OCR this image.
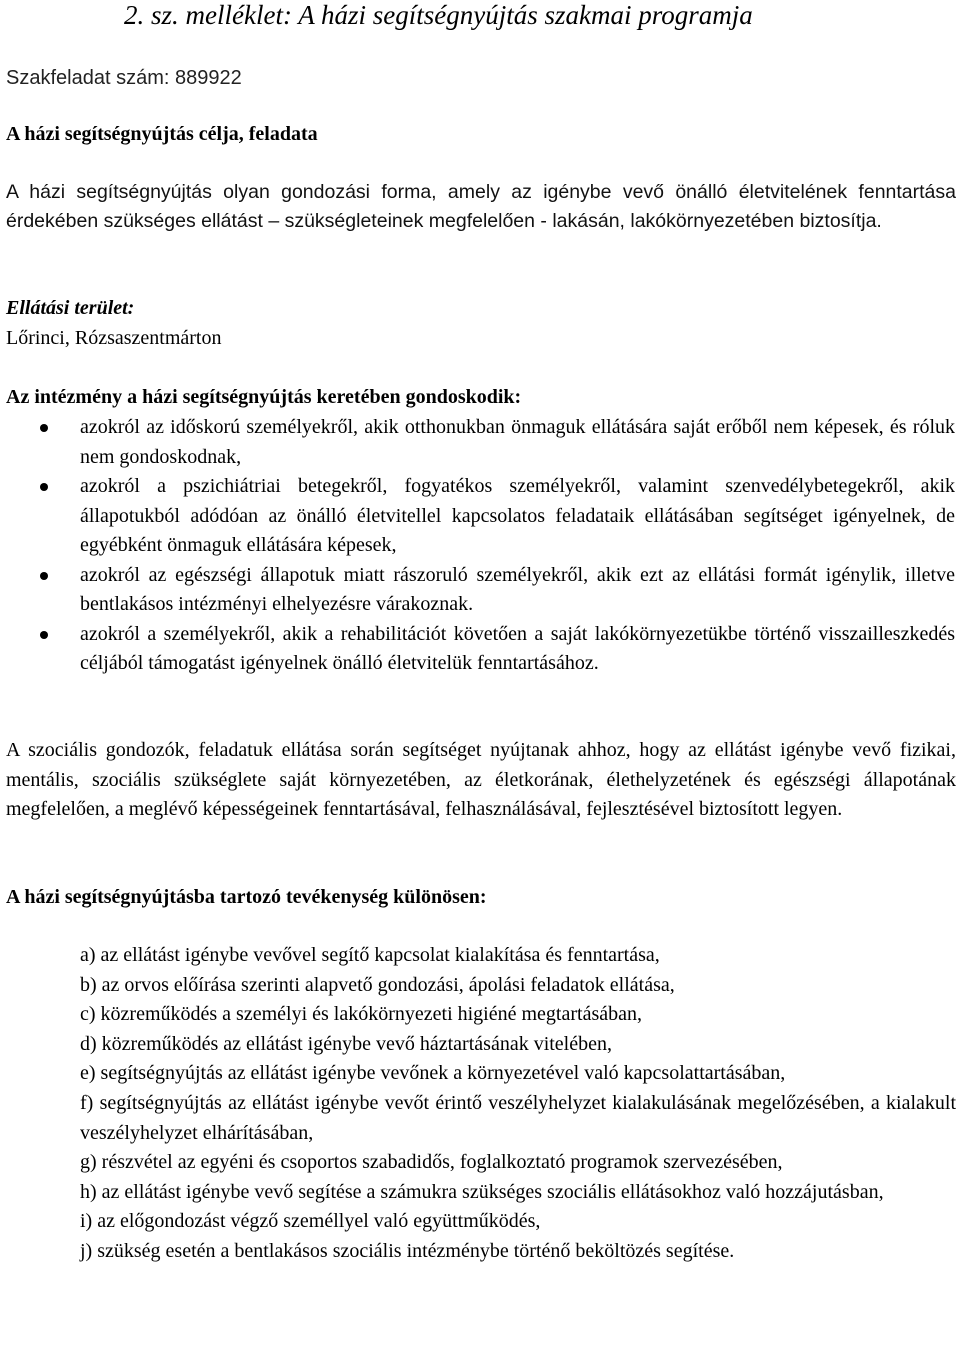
2. sz. melléklet: A házi segítségnyújtás szakmai programja
Szakfeladat szám: 889922
A házi segítségnyújtás célja, feladata
A házi segítségnyújtás olyan gondozási forma, amely az igénybe vevő önálló életvitelének fenntartása érdekében szükséges ellátást – szükségleteinek megfelelően - lakásán, lakókörnyezetében biztosítja.
Ellátási terület:
Lőrinci, Rózsaszentmárton
Az intézmény a házi segítségnyújtás keretében gondoskodik:
azokról az időskorú személyekről, akik otthonukban önmaguk ellátására saját erőből nem képesek, és róluk nem gondoskodnak,
azokról a pszichiátriai betegekről, fogyatékos személyekről, valamint szenvedélybetegekről, akik állapotukból adódóan az önálló életvitellel kapcsolatos feladataik ellátásában segítséget igényelnek, de egyébként önmaguk ellátására képesek,
azokról az egészségi állapotuk miatt rászoruló személyekről, akik ezt az ellátási formát igénylik, illetve bentlakásos intézményi elhelyezésre várakoznak.
azokról a személyekről, akik a rehabilitációt követően a saját lakókörnyezetükbe történő visszailleszkedés céljából támogatást igényelnek önálló életvitelük fenntartásához.
A szociális gondozók, feladatuk ellátása során segítséget nyújtanak ahhoz, hogy az ellátást igénybe vevő fizikai, mentális, szociális szükséglete saját környezetében, az életkorának, élethelyzetének és egészségi állapotának megfelelően, a meglévő képességeinek fenntartásával, felhasználásával, fejlesztésével biztosított legyen.
A házi segítségnyújtásba tartozó tevékenység különösen:
a) az ellátást igénybe vevővel segítő kapcsolat kialakítása és fenntartása,
b) az orvos előírása szerinti alapvető gondozási, ápolási feladatok ellátása,
c) közreműködés a személyi és lakókörnyezeti higiéné megtartásában,
d) közreműködés az ellátást igénybe vevő háztartásának vitelében,
e) segítségnyújtás az ellátást igénybe vevőnek a környezetével való kapcsolattartásában,
f) segítségnyújtás az ellátást igénybe vevőt érintő veszélyhelyzet kialakulásának megelőzésében, a kialakult veszélyhelyzet elhárításában,
g) részvétel az egyéni és csoportos szabadidős, foglalkoztató programok szervezésében,
h) az ellátást igénybe vevő segítése a számukra szükséges szociális ellátásokhoz való hozzájutásban,
i) az előgondozást végző személlyel való együttműködés,
j) szükség esetén a bentlakásos szociális intézménybe történő beköltözés segítése.
